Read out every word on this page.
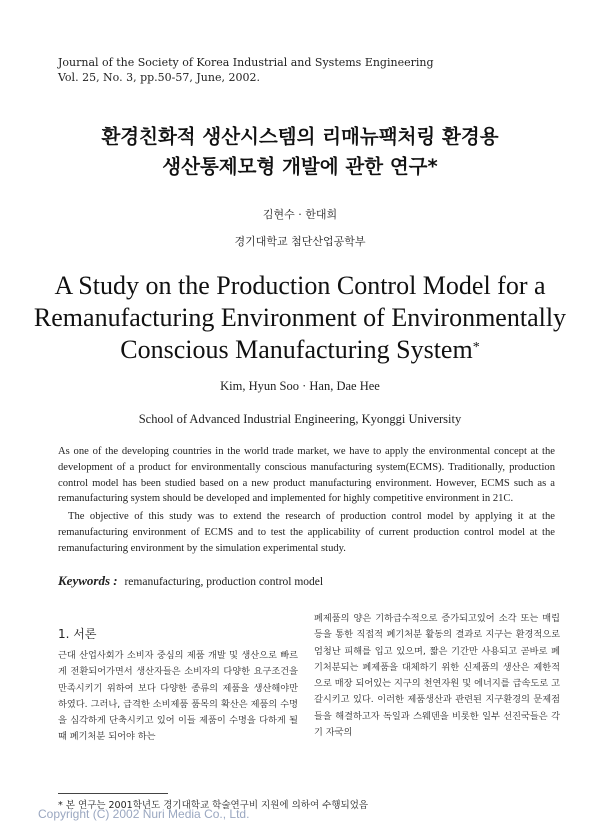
Journal of the Society of Korea Industrial and Systems Engineering
Vol. 25, No. 3, pp.50-57, June, 2002.
환경친화적 생산시스템의 리매뉴팩처링 환경용
생산통제모형 개발에 관한 연구*
김현수 · 한대희
경기대학교 첨단산업공학부
A Study on the Production Control Model for a
Remanufacturing Environment of Environmentally
Conscious Manufacturing System*
Kim, Hyun Soo · Han, Dae Hee
School of Advanced Industrial Engineering, Kyonggi University

As one of the developing countries in the world trade market, we have to apply the environmental concept at the development of a product for environmentally conscious manufacturing system(ECMS). Traditionally, production control model has been studied based on a new product manufacturing environment. However, ECMS such as a remanufacturing system should be developed and implemented for highly competitive environment in 21C.

The objective of this study was to extend the research of production control model by applying it at the remanufacturing environment of ECMS and to test the applicability of current production control model at the remanufacturing environment by the simulation experimental study.

Keywords : remanufacturing, production control model
1. 서론
근대 산업사회가 소비자 중심의 제품 개발 및 생산으로 빠르게 전환되어가면서 생산자들은 소비자의 다양한 요구조건을 만족시키기 위하여 보다 다양한 종류의 제품을 생산해야만 하였다. 그러나, 급격한 소비제품 품목의 확산은 제품의 수명을 심각하게 단축시키고 있어 이들 제품이 수명을 다하게 될 때 폐기처분 되어야 하는
폐제품의 양은 기하급수적으로 증가되고있어 소각 또는 매립 등을 통한 직접적 폐기처분 활동의 결과로 지구는 환경적으로 엄청난 피해를 입고 있으며, 짧은 기간만 사용되고 곧바로 폐기처분되는 폐제품을 대체하기 위한 신제품의 생산은 제한적으로 매장 되어있는 지구의 천연자원 및 에너지를 급속도로 고갈시키고 있다. 이러한 제품생산과 관련된 지구환경의 문제점들을 해결하고자 독일과 스웨덴을 비롯한 일부 선진국들은 각기 자국의
* 본 연구는 2001학년도 경기대학교 학술연구비 지원에 의하여 수행되었음
Copyright (C) 2002 Nuri Media Co., Ltd.
